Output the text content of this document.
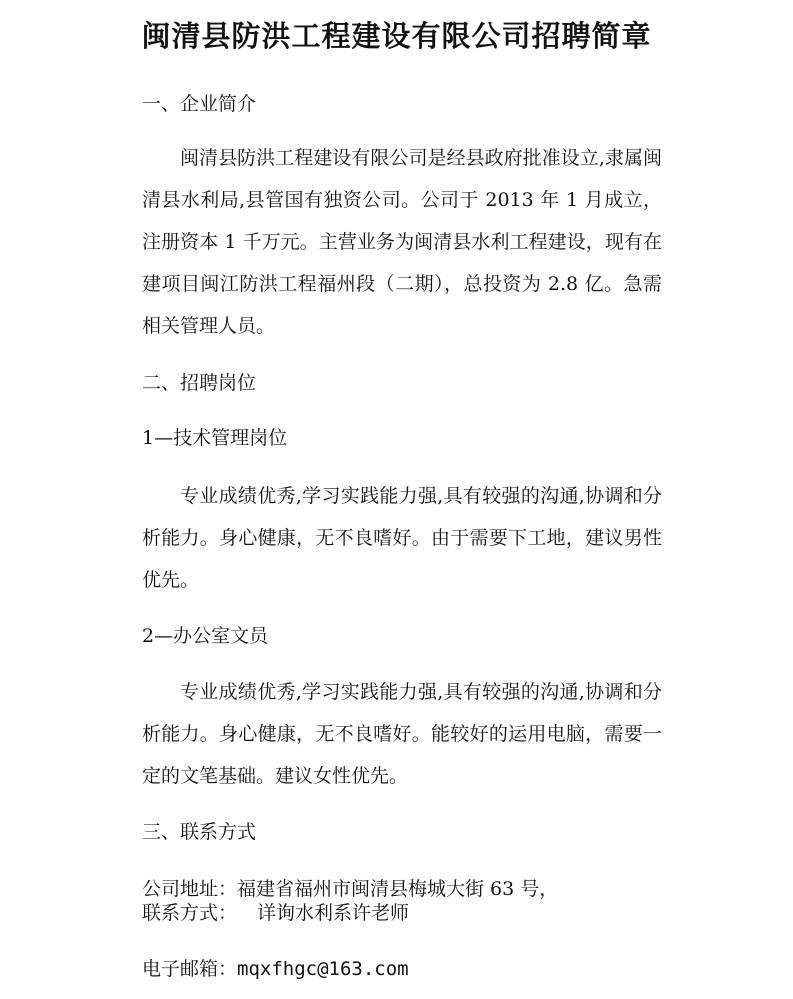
闽清县防洪工程建设有限公司招聘简章
一、企业简介
闽清县防洪工程建设有限公司是经县政府批准设立,隶属闽清县水利局,县管国有独资公司。公司于 2013 年 1 月成立，注册资本 1 千万元。主营业务为闽清县水利工程建设，现有在建项目闽江防洪工程福州段（二期），总投资为 2.8 亿。急需相关管理人员。
二、招聘岗位
1—技术管理岗位
专业成绩优秀,学习实践能力强,具有较强的沟通,协调和分析能力。身心健康，无不良嗜好。由于需要下工地，建议男性优先。
2—办公室文员
专业成绩优秀,学习实践能力强,具有较强的沟通,协调和分析能力。身心健康，无不良嗜好。能较好的运用电脑，需要一定的文笔基础。建议女性优先。
三、联系方式
公司地址：福建省福州市闽清县梅城大街 63 号，
联系方式： 详询水利系许老师
电子邮箱：mqxfhgc@163.com
